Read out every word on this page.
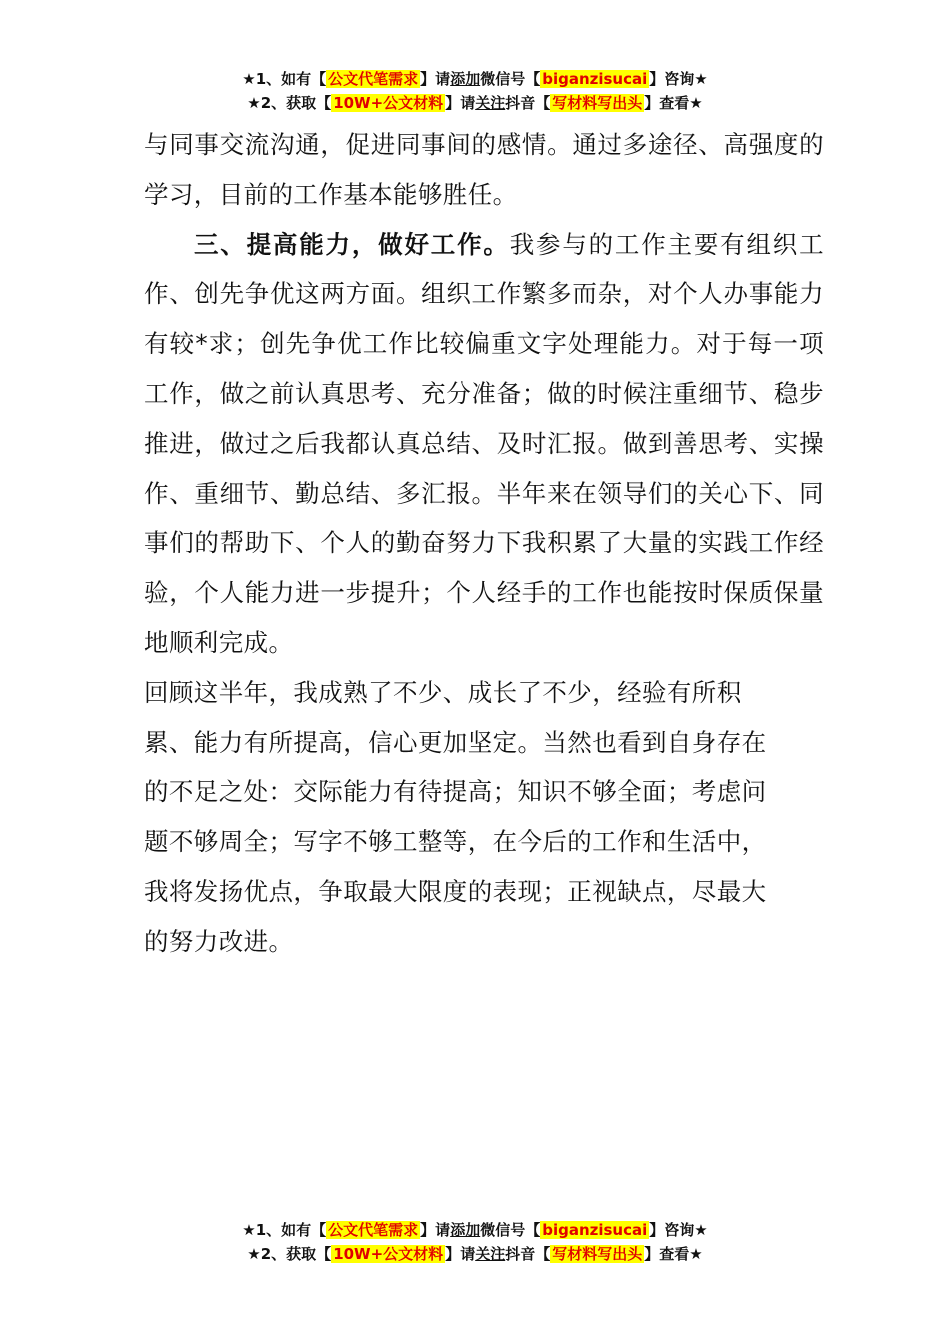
★1、如有【 公文代笔需求 】请添加微信号【 biganzisucai 】咨询★
★2、获取【 10W+公文材料 】请关注抖音【 写材料写出头 】查看★

与同事交流沟通，促进同事间的感情。通过多途径、高强度的学习，目前的工作基本能够胜任。

三、提高能力，做好工作。我参与的工作主要有组织工作、创先争优这两方面。组织工作繁多而杂，对个人办事能力有较*求；创先争优工作比较偏重文字处理能力。对于每一项工作，做之前认真思考、充分准备；做的时候注重细节、稳步推进，做过之后我都认真总结、及时汇报。做到善思考、实操作、重细节、勤总结、多汇报。半年来在领导们的关心下、同事们的帮助下、个人的勤奋努力下我积累了大量的实践工作经验，个人能力进一步提升；个人经手的工作也能按时保质保量地顺利完成。

回顾这半年，我成熟了不少、成长了不少，经验有所积

累、能力有所提高，信心更加坚定。当然也看到自身存在

的不足之处：交际能力有待提高；知识不够全面；考虑问

题不够周全；写字不够工整等，在今后的工作和生活中，

我将发扬优点，争取最大限度的表现；正视缺点，尽最大

的努力改进。

★1、如有【 公文代笔需求 】请添加微信号【 biganzisucai 】咨询★
★2、获取【 10W+公文材料 】请关注抖音【 写材料写出头 】查看★
